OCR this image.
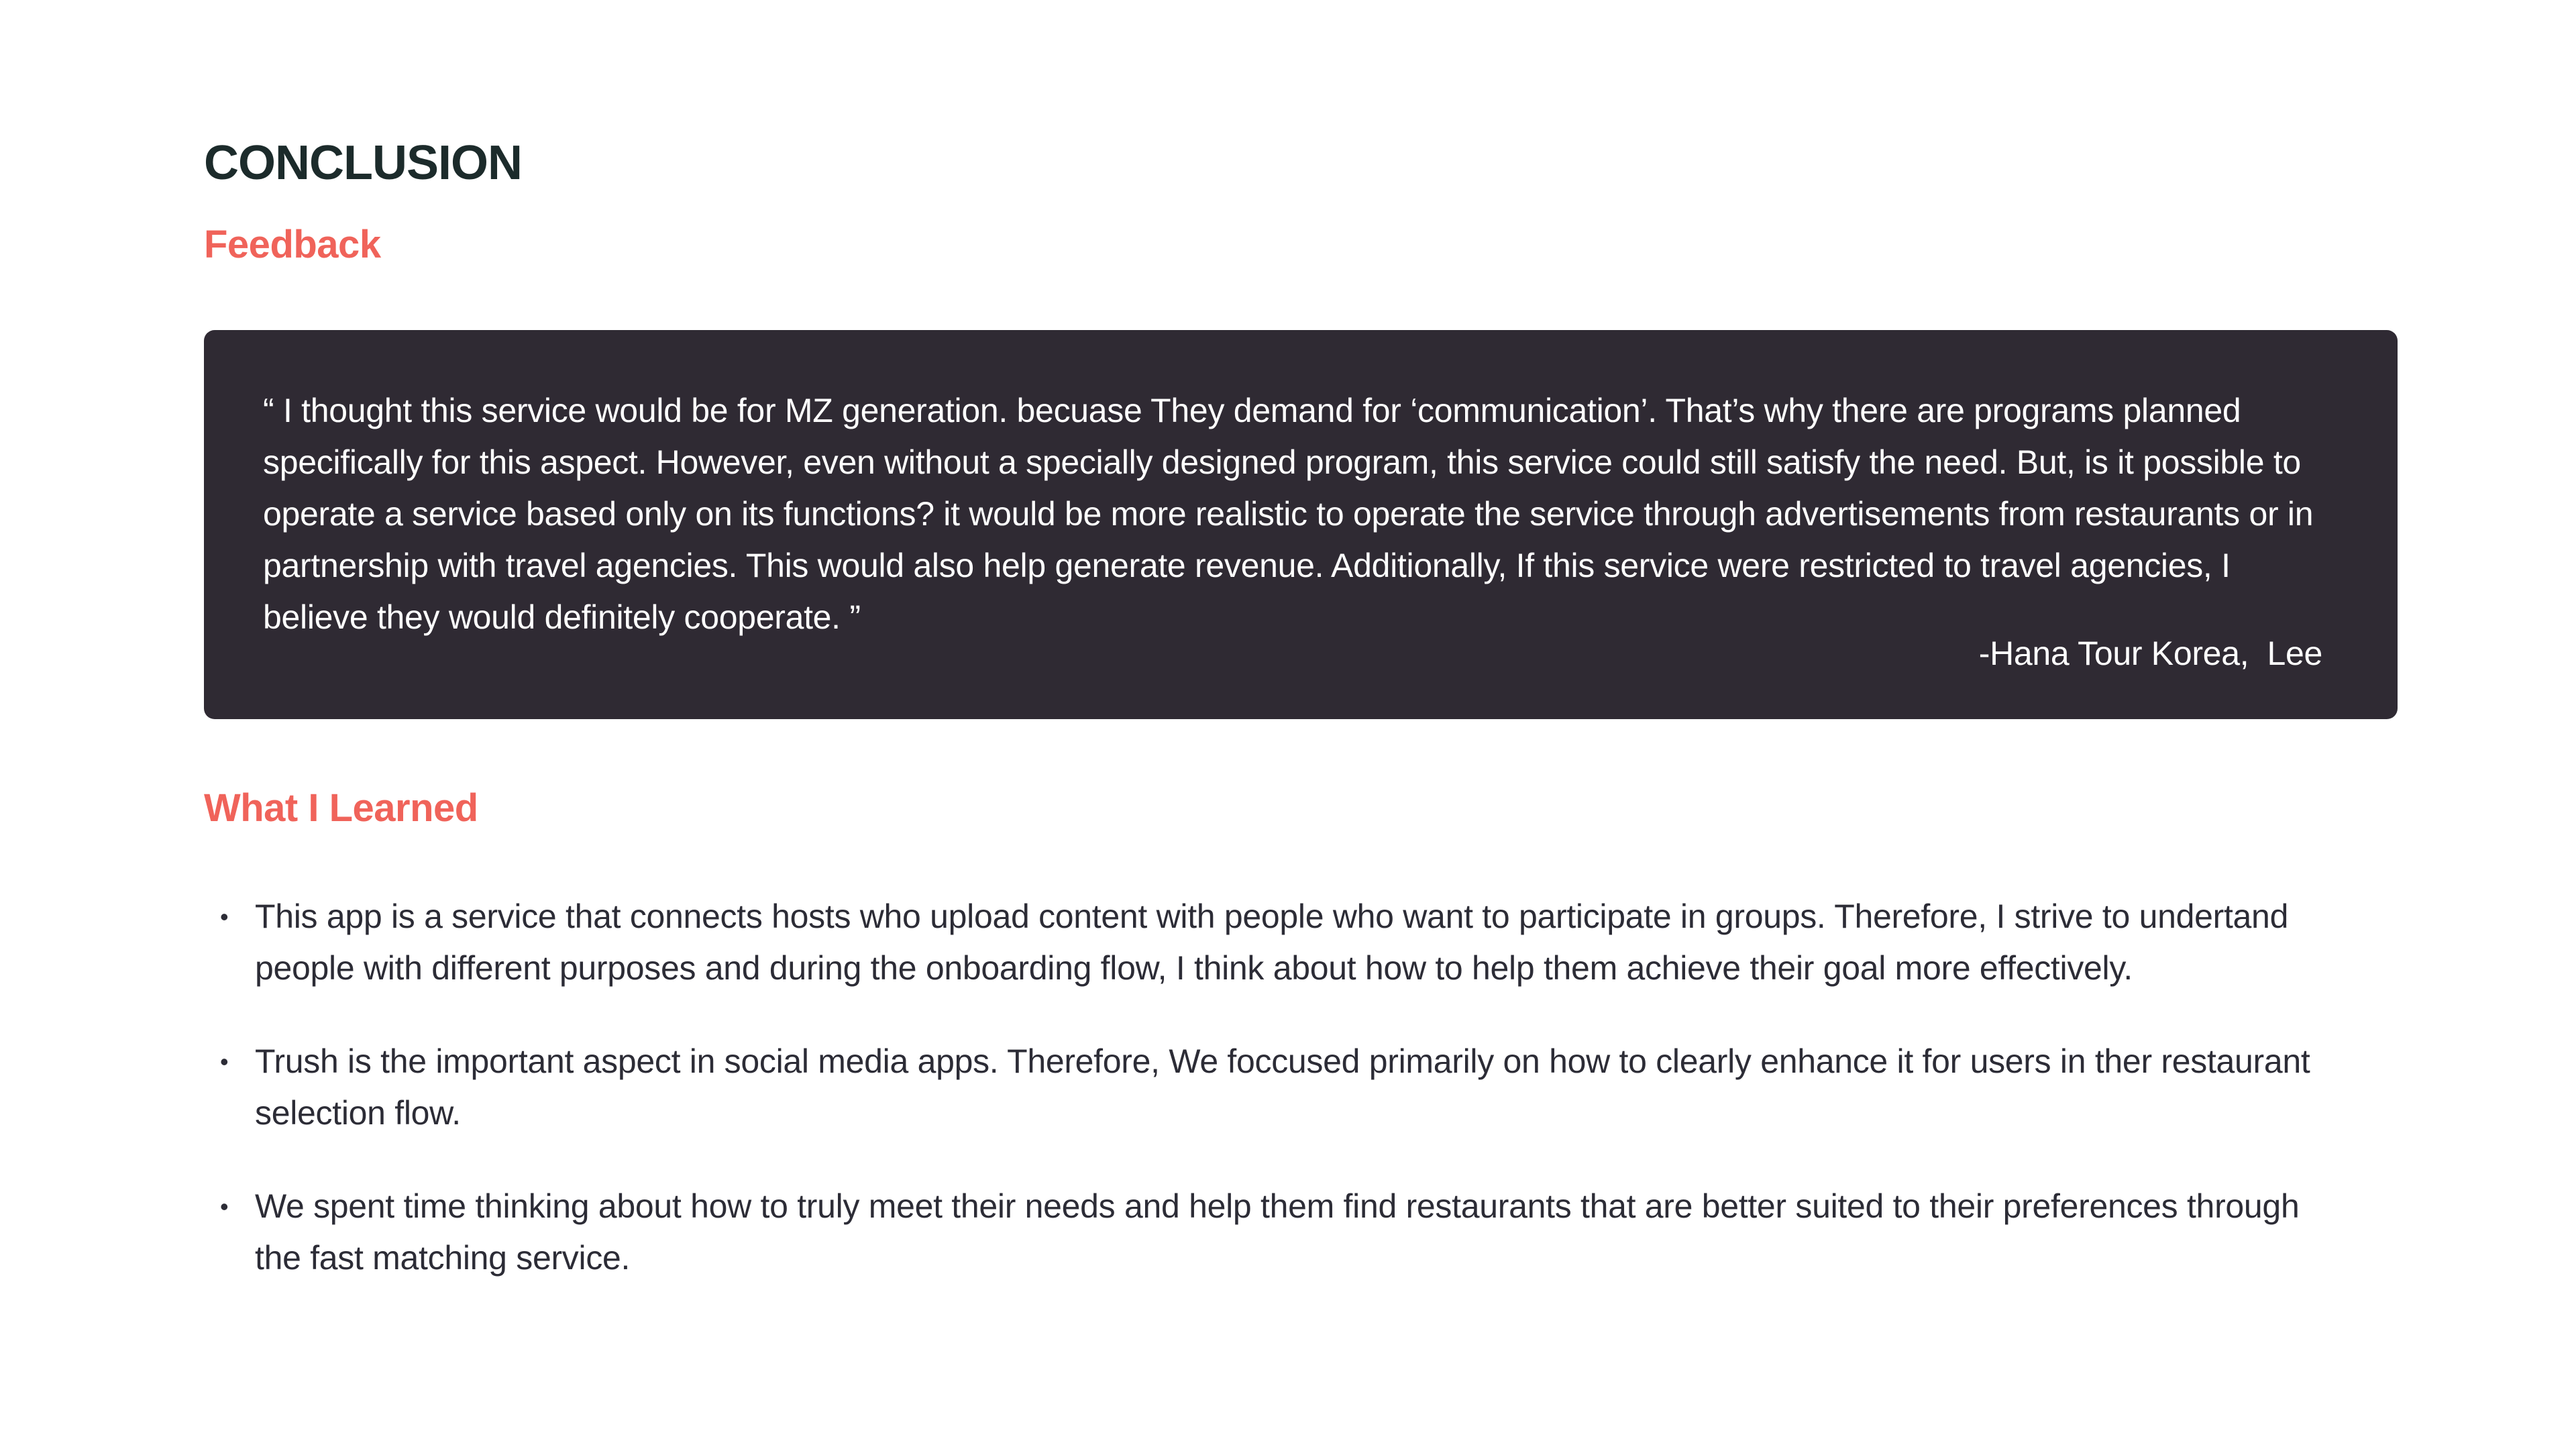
CONCLUSION
Feedback

“ I thought this service would be for MZ generation. becuase They demand for ‘communication’. That’s why there are programs planned specifically for this aspect. However, even without a specially designed program, this service could still satisfy the need. But, is it possible to operate a service based only on its functions? it would be more realistic to operate the service through advertisements from restaurants or in partnership with travel agencies. This would also help generate revenue. Additionally, If this service were restricted to travel agencies, I believe they would definitely cooperate. ”

-Hana Tour Korea,  Lee
What I Learned
• This app is a service that connects hosts who upload content with people who want to participate in groups. Therefore, I strive to undertand people with different purposes and during the onboarding flow, I think about how to help them achieve their goal more effectively.
• Trush is the important aspect in social media apps. Therefore, We foccused primarily on how to clearly enhance it for users in ther restaurant selection flow.
• We spent time thinking about how to truly meet their needs and help them find restaurants that are better suited to their preferences through the fast matching service.
